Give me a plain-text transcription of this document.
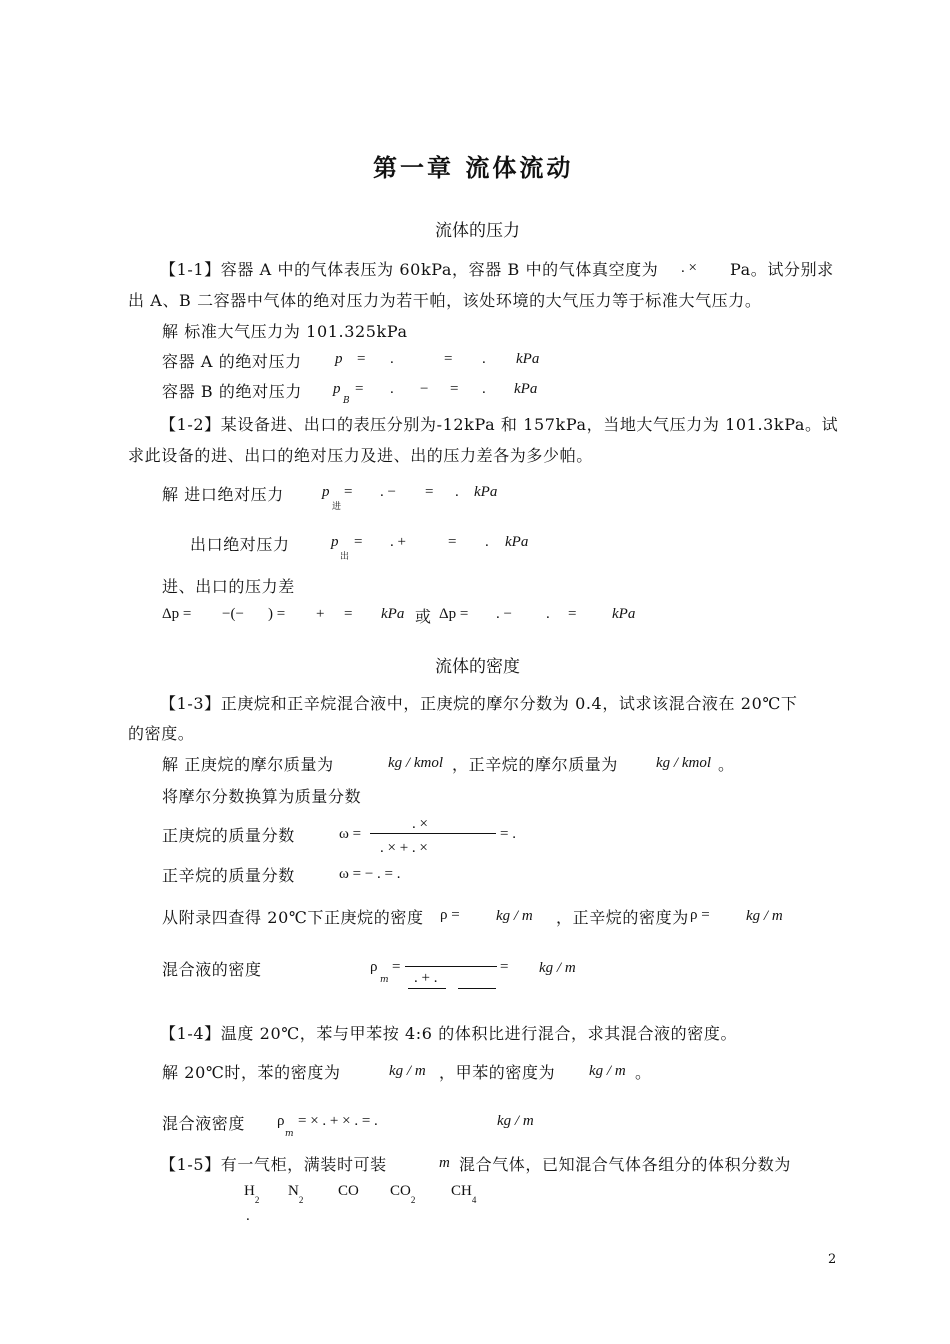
第一章 流体流动
流体的压力
【1-1】容器 A 中的气体表压为 60kPa，容器 B 中的气体真空度为 . × Pa。试分别求
出 A、B 二容器中气体的绝对压力为若干帕，该处环境的大气压力等于标准大气压力。
解 标准大气压力为 101.325kPa
容器 A 的绝对压力 p = .	= . kPa
容器 B 的绝对压力 p
B
= . − = . kPa
【1-2】某设备进、出口的表压分别为-12kPa 和 157kPa，当地大气压力为 101.3kPa。试
求此设备的进、出口的绝对压力及进、出的压力差各为多少帕。
解 进口绝对压力	p
进
= . − = . kPa
出口绝对压力	p
出
= . +	= . kPa
进、出口的压力差
Δp = −(− ) = + = kPa 或 Δp = . − . = kPa
流体的密度
【1-3】正庚烷和正辛烷混合液中，正庚烷的摩尔分数为 0.4，试求该混合液在 20℃下
的密度。
解 正庚烷的摩尔质量为	kg / kmol ，正辛烷的摩尔质量为	kg / kmol 。
将摩尔分数换算为质量分数
正庚烷的质量分数	ω =
. ×
. × + . ×
= .
正辛烷的质量分数	ω = − . = .
从附录四查得 20℃下正庚烷的密度 ρ = kg / m ，正辛烷的密度为 ρ = kg / m
混合液的密度	ρ
m
=
. + .
= kg / m
【1-4】温度 20℃，苯与甲苯按 4:6 的体积比进行混合，求其混合液的密度。
解 20℃时，苯的密度为	kg / m ，甲苯的密度为 kg / m 。
混合液密度 ρ
m
= × . + × . = .	kg / m
【1-5】有一气柜，满装时可装	m 混合气体，已知混合气体各组分的体积分数为
$H_2$
$N_2$
CO $CO_2$
$CH_4$
.
2
